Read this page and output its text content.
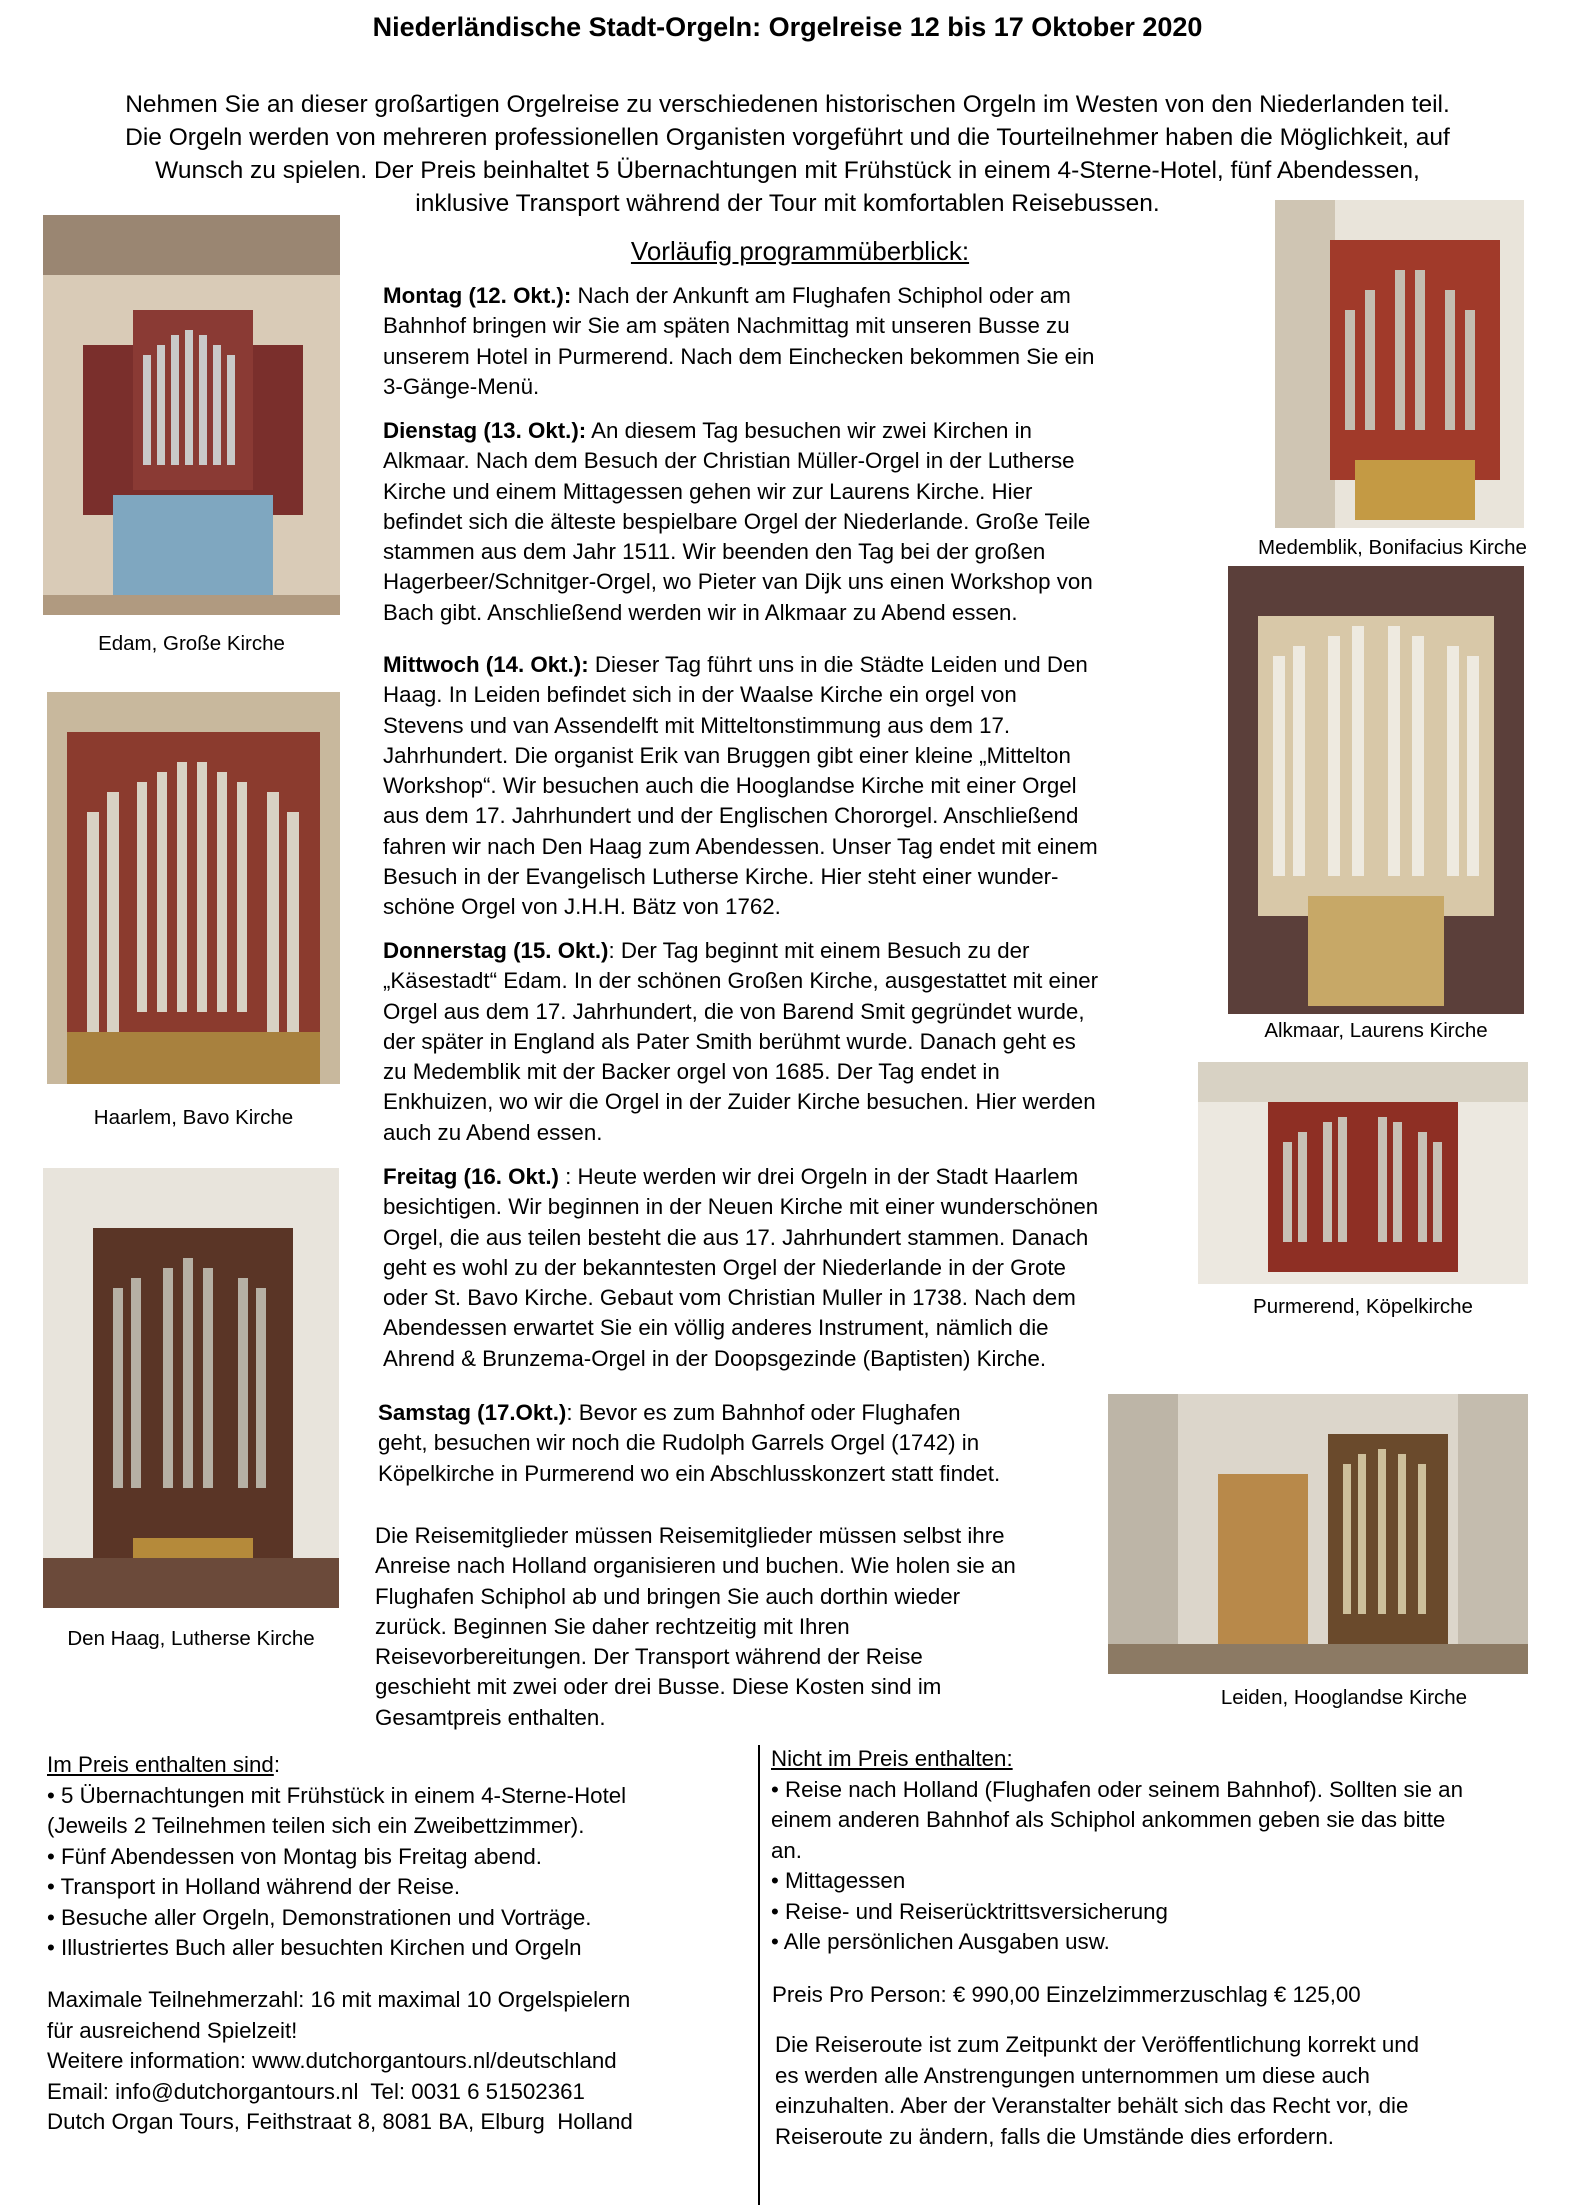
Niederländische Stadt-Orgeln: Orgelreise 12 bis 17 Oktober 2020
Nehmen Sie an dieser großartigen Orgelreise zu verschiedenen historischen Orgeln im Westen von den Niederlanden teil.
Die Orgeln werden von mehreren professionellen Organisten vorgeführt und die Tourteilnehmer haben die Möglichkeit, auf
Wunsch zu spielen. Der Preis beinhaltet 5 Übernachtungen mit Frühstück in einem 4-Sterne-Hotel, fünf Abendessen,
inklusive Transport während der Tour mit komfortablen Reisebussen.
Edam, Große Kirche
Haarlem, Bavo Kirche
Den Haag, Lutherse Kirche
Medemblik, Bonifacius Kirche
Alkmaar, Laurens Kirche
Purmerend, Köpelkirche
Leiden, Hooglandse Kirche
Vorläufig programmüberblick:
Montag (12. Okt.): Nach der Ankunft am Flughafen Schiphol oder am
Bahnhof bringen wir Sie am späten Nachmittag mit unseren Busse zu
unserem Hotel in Purmerend. Nach dem Einchecken bekommen Sie ein
3-Gänge-Menü.
Dienstag (13. Okt.): An diesem Tag besuchen wir zwei Kirchen in
Alkmaar. Nach dem Besuch der Christian Müller-Orgel in der Lutherse
Kirche und einem Mittagessen gehen wir zur Laurens Kirche. Hier
befindet sich die älteste bespielbare Orgel der Niederlande. Große Teile
stammen aus dem Jahr 1511. Wir beenden den Tag bei der großen
Hagerbeer/Schnitger-Orgel, wo Pieter van Dijk uns einen Workshop von
Bach gibt. Anschließend werden wir in Alkmaar zu Abend essen.
Mittwoch (14. Okt.): Dieser Tag führt uns in die Städte Leiden und Den
Haag. In Leiden befindet sich in der Waalse Kirche ein orgel von
Stevens und van Assendelft mit Mitteltonstimmung aus dem 17.
Jahrhundert. Die organist Erik van Bruggen gibt einer kleine „Mittelton
Workshop“. Wir besuchen auch die Hooglandse Kirche mit einer Orgel
aus dem 17. Jahrhundert und der Englischen Chororgel. Anschließend
fahren wir nach Den Haag zum Abendessen. Unser Tag endet mit einem
Besuch in der Evangelisch Lutherse Kirche. Hier steht einer wunder-
schöne Orgel von J.H.H. Bätz von 1762.
Donnerstag (15. Okt.): Der Tag beginnt mit einem Besuch zu der
„Käsestadt“ Edam. In der schönen Großen Kirche, ausgestattet mit einer
Orgel aus dem 17. Jahrhundert, die von Barend Smit gegründet wurde,
der später in England als Pater Smith berühmt wurde. Danach geht es
zu Medemblik mit der Backer orgel von 1685. Der Tag endet in
Enkhuizen, wo wir die Orgel in der Zuider Kirche besuchen. Hier werden
auch zu Abend essen.
Freitag (16. Okt.) : Heute werden wir drei Orgeln in der Stadt Haarlem
besichtigen. Wir beginnen in der Neuen Kirche mit einer wunderschönen
Orgel, die aus teilen besteht die aus 17. Jahrhundert stammen. Danach
geht es wohl zu der bekanntesten Orgel der Niederlande in der Grote
oder St. Bavo Kirche. Gebaut vom Christian Muller in 1738. Nach dem
Abendessen erwartet Sie ein völlig anderes Instrument, nämlich die
Ahrend & Brunzema-Orgel in der Doopsgezinde (Baptisten) Kirche.
Samstag (17.Okt.): Bevor es zum Bahnhof oder Flughafen
geht, besuchen wir noch die Rudolph Garrels Orgel (1742) in
Köpelkirche in Purmerend wo ein Abschlusskonzert statt findet.
Die Reisemitglieder müssen Reisemitglieder müssen selbst ihre
Anreise nach Holland organisieren und buchen. Wie holen sie an
Flughafen Schiphol ab und bringen Sie auch dorthin wieder
zurück. Beginnen Sie daher rechtzeitig mit Ihren
Reisevorbereitungen. Der Transport während der Reise
geschieht mit zwei oder drei Busse. Diese Kosten sind im
Gesamtpreis enthalten.
Im Preis enthalten sind:
• 5 Übernachtungen mit Frühstück in einem 4-Sterne-Hotel
(Jeweils 2 Teilnehmen teilen sich ein Zweibettzimmer).
• Fünf Abendessen von Montag bis Freitag abend.
• Transport in Holland während der Reise.
• Besuche aller Orgeln, Demonstrationen und Vorträge.
• Illustriertes Buch aller besuchten Kirchen und Orgeln
Maximale Teilnehmerzahl: 16 mit maximal 10 Orgelspielern
für ausreichend Spielzeit!
Weitere information: www.dutchorgantours.nl/deutschland
Email: info@dutchorgantours.nl  Tel: 0031 6 51502361
Dutch Organ Tours, Feithstraat 8, 8081 BA, Elburg  Holland
Nicht im Preis enthalten:
• Reise nach Holland (Flughafen oder seinem Bahnhof). Sollten sie an
einem anderen Bahnhof als Schiphol ankommen geben sie das bitte
an.
• Mittagessen
• Reise- und Reiserücktrittsversicherung
• Alle persönlichen Ausgaben usw.
Preis Pro Person: € 990,00 Einzelzimmerzuschlag € 125,00
Die Reiseroute ist zum Zeitpunkt der Veröffentlichung korrekt und
es werden alle Anstrengungen unternommen um diese auch
einzuhalten. Aber der Veranstalter behält sich das Recht vor, die
Reiseroute zu ändern, falls die Umstände dies erfordern.
